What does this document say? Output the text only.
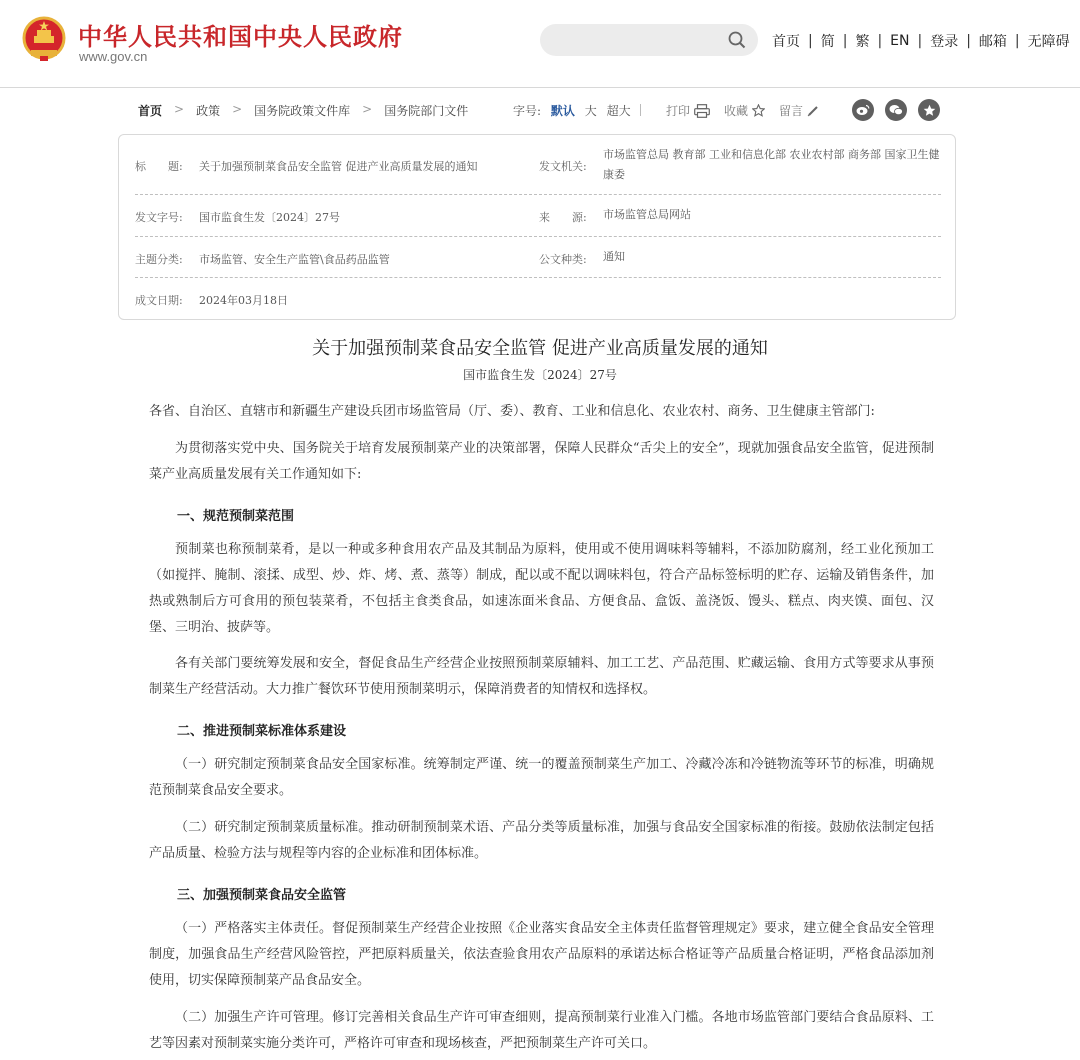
中华人民共和国中央人民政府
www.gov.cn
首页 | 简 | 繁 | EN | 登录 | 邮箱 | 无障碍
首页 > 政策 > 国务院政策文件库 > 国务院部门文件	字号: 默认 大 超大	打印	收藏	留言
标　　题: 关于加强预制菜食品安全监管 促进产业高质量发展的通知	发文机关:
市场监管总局 教育部 工业和信息化部 农业农村部 商务部 国家卫生健康委
发文字号: 国市监食生发〔2024〕27号	来　　源: 市场监管总局网站
主题分类: 市场监管、安全生产监管\食品药品监管	公文种类: 通知
成文日期: 2024年03月18日
关于加强预制菜食品安全监管 促进产业高质量发展的通知
国市监食生发〔2024〕27号
各省、自治区、直辖市和新疆生产建设兵团市场监管局（厅、委）、教育、工业和信息化、农业农村、商务、卫生健康主管部门:
为贯彻落实党中央、国务院关于培育发展预制菜产业的决策部署，保障人民群众“舌尖上的安全”，现就加强食品安全监管，促进预制菜产业高质量发展有关工作通知如下:
一、规范预制菜范围
预制菜也称预制菜肴，是以一种或多种食用农产品及其制品为原料，使用或不使用调味料等辅料，不添加防腐剂，经工业化预加工（如搅拌、腌制、滚揉、成型、炒、炸、烤、煮、蒸等）制成，配以或不配以调味料包，符合产品标签标明的贮存、运输及销售条件，加热或熟制后方可食用的预包装菜肴，不包括主食类食品，如速冻面米食品、方便食品、盒饭、盖浇饭、馒头、糕点、肉夹馍、面包、汉堡、三明治、披萨等。
各有关部门要统筹发展和安全，督促食品生产经营企业按照预制菜原辅料、加工工艺、产品范围、贮藏运输、食用方式等要求从事预制菜生产经营活动。大力推广餐饮环节使用预制菜明示，保障消费者的知情权和选择权。
二、推进预制菜标准体系建设
（一）研究制定预制菜食品安全国家标准。统筹制定严谨、统一的覆盖预制菜生产加工、冷藏冷冻和冷链物流等环节的标准，明确规范预制菜食品安全要求。
（二）研究制定预制菜质量标准。推动研制预制菜术语、产品分类等质量标准，加强与食品安全国家标准的衔接。鼓励依法制定包括产品质量、检验方法与规程等内容的企业标准和团体标准。
三、加强预制菜食品安全监管
（一）严格落实主体责任。督促预制菜生产经营企业按照《企业落实食品安全主体责任监督管理规定》要求，建立健全食品安全管理制度，加强食品生产经营风险管控，严把原料质量关，依法查验食用农产品原料的承诺达标合格证等产品质量合格证明，严格食品添加剂使用，切实保障预制菜产品食品安全。
（二）加强生产许可管理。修订完善相关食品生产许可审查细则，提高预制菜行业准入门槛。各地市场监管部门要结合食品原料、工艺等因素对预制菜实施分类许可，严格许可审查和现场核查，严把预制菜生产许可关口。
